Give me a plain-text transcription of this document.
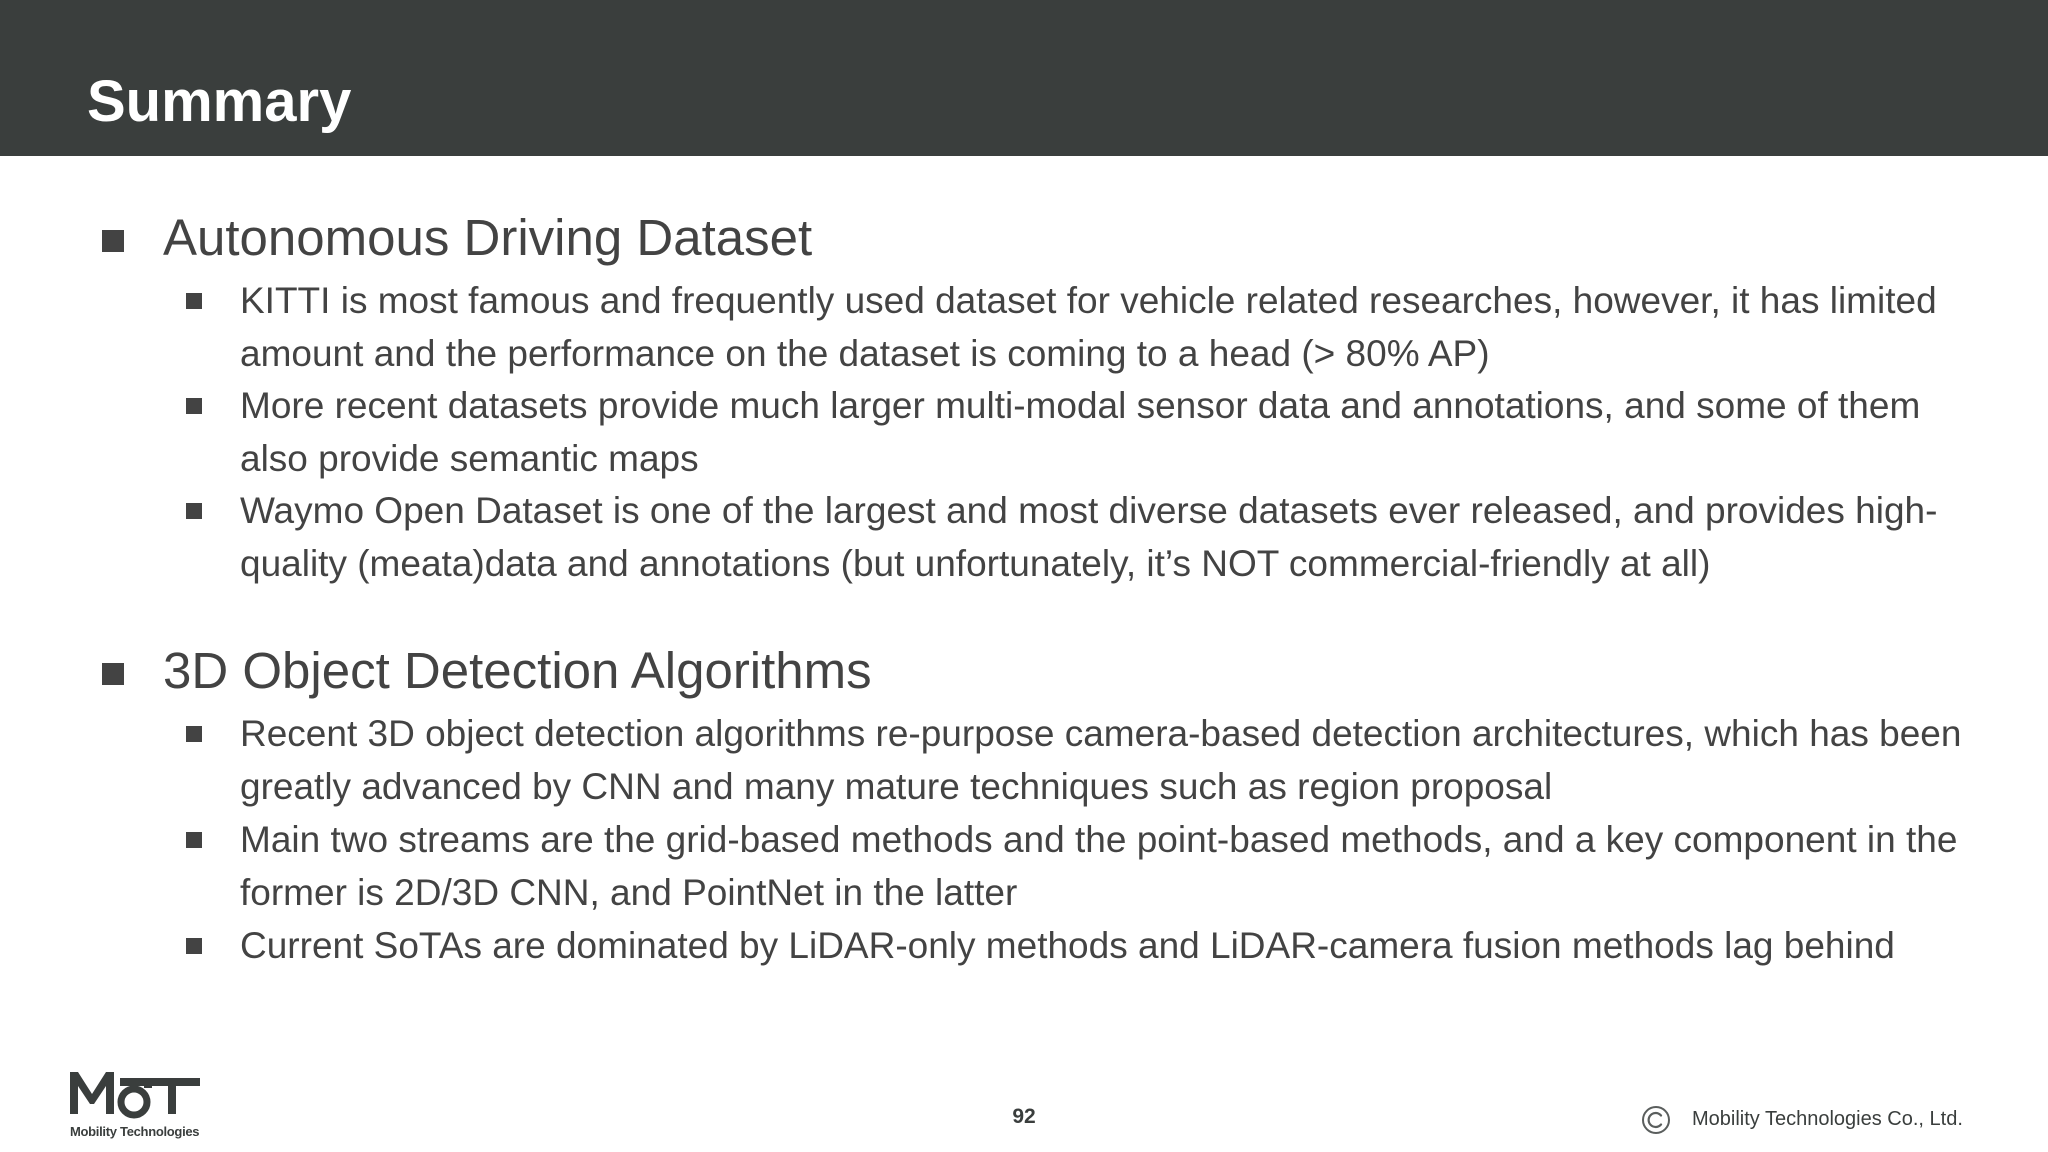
Summary
Autonomous Driving Dataset

KITTI is most famous and frequently used dataset for vehicle related researches, however, it has limited amount and the performance on the dataset is coming to a head (> 80% AP)

More recent datasets provide much larger multi-modal sensor data and annotations, and some of them also provide semantic maps

Waymo Open Dataset is one of the largest and most diverse datasets ever released, and provides high-quality (meata)data and annotations (but unfortunately, it’s NOT commercial-friendly at all)

3D Object Detection Algorithms

Recent 3D object detection algorithms re-purpose camera-based detection architectures, which has been greatly advanced by CNN and many mature techniques such as region proposal

Main two streams are the grid-based methods and the point-based methods, and a key component in the former is 2D/3D CNN, and PointNet in the latter

Current SoTAs are dominated by LiDAR-only methods and LiDAR-camera fusion methods lag behind

Mobility Technologies
92	Mobility Technologies Co., Ltd.
